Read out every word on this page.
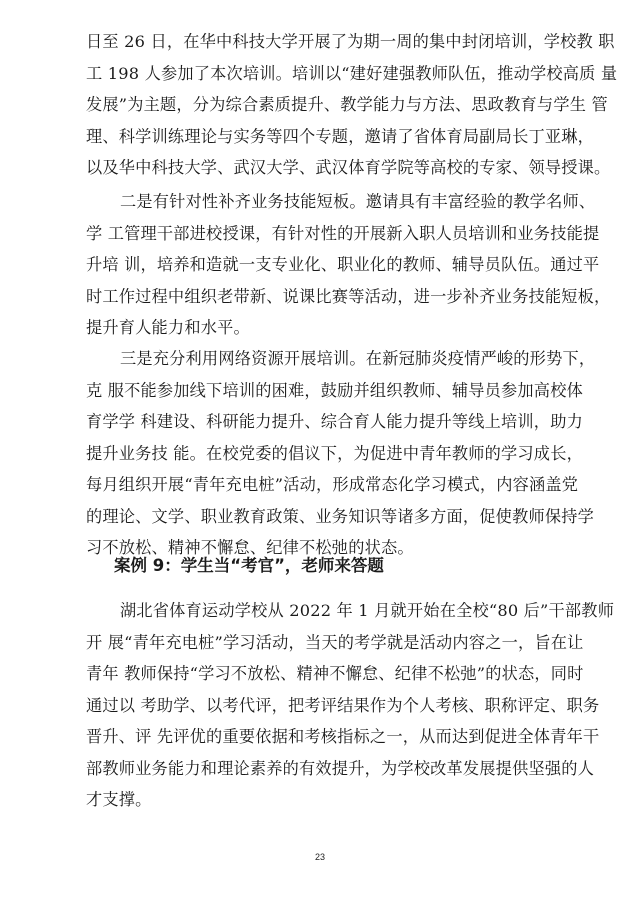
日至 26 日，在华中科技大学开展了为期一周的集中封闭培训，学校教 职
工 198 人参加了本次培训。培训以“建好建强教师队伍，推动学校高质 量
发展”为主题，分为综合素质提升、教学能力与方法、思政教育与学生 管
理、科学训练理论与实务等四个专题，邀请了省体育局副局长丁亚琳，
以及华中科技大学、武汉大学、武汉体育学院等高校的专家、领导授课。

二是有针对性补齐业务技能短板。邀请具有丰富经验的教学名师、
学 工管理干部进校授课，有针对性的开展新入职人员培训和业务技能提
升培 训，培养和造就一支专业化、职业化的教师、辅导员队伍。通过平
时工作过程中组织老带新、说课比赛等活动，进一步补齐业务技能短板，
提升育人能力和水平。

三是充分利用网络资源开展培训。在新冠肺炎疫情严峻的形势下，
克 服不能参加线下培训的困难，鼓励并组织教师、辅导员参加高校体
育学学 科建设、科研能力提升、综合育人能力提升等线上培训，助力
提升业务技 能。在校党委的倡议下，为促进中青年教师的学习成长，
每月组织开展“青年充电桩”活动，形成常态化学习模式，内容涵盖党
的理论、文学、职业教育政策、业务知识等诸多方面，促使教师保持学
习不放松、精神不懈怠、纪律不松弛的状态。

案例 9：学生当“考官”，老师来答题

湖北省体育运动学校从 2022 年 1 月就开始在全校“80 后”干部教师
开 展“青年充电桩”学习活动，当天的考学就是活动内容之一，旨在让
青年 教师保持“学习不放松、精神不懈怠、纪律不松弛”的状态，同时
通过以 考助学、以考代评，把考评结果作为个人考核、职称评定、职务
晋升、评 先评优的重要依据和考核指标之一，从而达到促进全体青年干
部教师业务能力和理论素养的有效提升，为学校改革发展提供坚强的人
才支撑。

23
